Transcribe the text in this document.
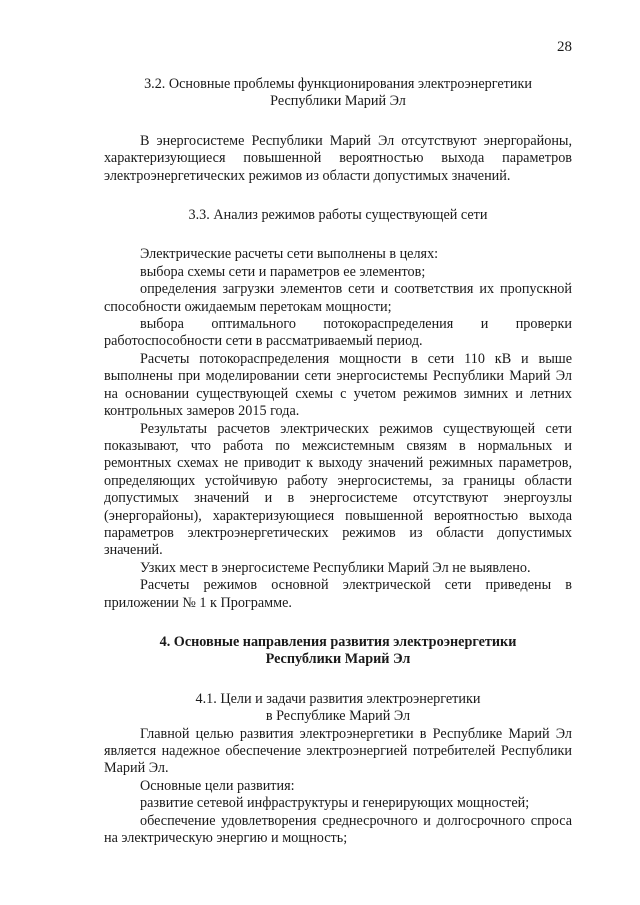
28
3.2. Основные проблемы функционирования электроэнергетики
Республики Марий Эл

В энергосистеме Республики Марий Эл отсутствуют энергорайоны, характеризующиеся повышенной вероятностью выхода параметров электроэнергетических режимов из области допустимых значений.

3.3. Анализ режимов работы существующей сети

Электрические расчеты сети выполнены в целях:

выбора схемы сети и параметров ее элементов;

определения загрузки элементов сети и соответствия их пропускной способности ожидаемым перетокам мощности;

выбора оптимального потокораспределения и проверки работоспособности сети в рассматриваемый период.

Расчеты потокораспределения мощности в сети 110 кВ и выше выполнены при моделировании сети энергосистемы Республики Марий Эл на основании существующей схемы с учетом режимов зимних и летних контрольных замеров 2015 года.

Результаты расчетов электрических режимов существующей сети показывают, что работа по межсистемным связям в нормальных и ремонтных схемах не приводит к выходу значений режимных параметров, определяющих устойчивую работу энергосистемы, за границы области допустимых значений и в энергосистеме отсутствуют энергоузлы (энергорайоны), характеризующиеся повышенной вероятностью выхода параметров электроэнергетических режимов из области допустимых значений.

Узких мест в энергосистеме Республики Марий Эл не выявлено.

Расчеты режимов основной электрической сети приведены в приложении № 1 к Программе.

4. Основные направления развития электроэнергетики
Республики Марий Эл
4.1. Цели и задачи развития электроэнергетики
в Республике Марий Эл

Главной целью развития электроэнергетики в Республике Марий Эл является надежное обеспечение электроэнергией потребителей Республики Марий Эл.

Основные цели развития:

развитие сетевой инфраструктуры и генерирующих мощностей;

обеспечение удовлетворения среднесрочного и долгосрочного спроса на электрическую энергию и мощность;
